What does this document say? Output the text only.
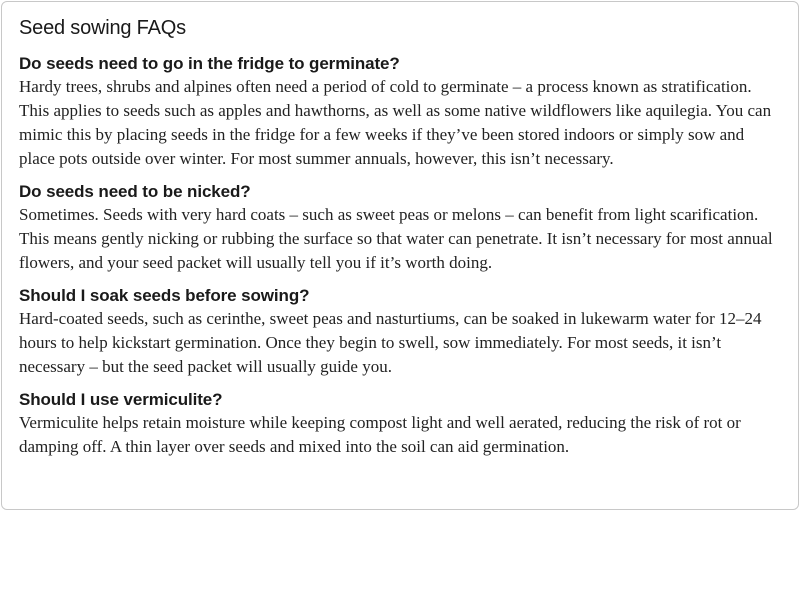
Seed sowing FAQs
Do seeds need to go in the fridge to germinate?

Hardy trees, shrubs and alpines often need a period of cold to germinate – a process known as stratification. This applies to seeds such as apples and hawthorns, as well as some native wildflowers like aquilegia. You can mimic this by placing seeds in the fridge for a few weeks if they’ve been stored indoors or simply sow and place pots outside over winter. For most summer annuals, however, this isn’t necessary.

Do seeds need to be nicked?

Sometimes. Seeds with very hard coats – such as sweet peas or melons – can benefit from light scarification. This means gently nicking or rubbing the surface so that water can penetrate. It isn’t necessary for most annual flowers, and your seed packet will usually tell you if it’s worth doing.

Should I soak seeds before sowing?

Hard-coated seeds, such as cerinthe, sweet peas and nasturtiums, can be soaked in lukewarm water for 12–24 hours to help kickstart germination. Once they begin to swell, sow immediately. For most seeds, it isn’t necessary – but the seed packet will usually guide you.

Should I use vermiculite?

Vermiculite helps retain moisture while keeping compost light and well aerated, reducing the risk of rot or damping off. A thin layer over seeds and mixed into the soil can aid germination.
